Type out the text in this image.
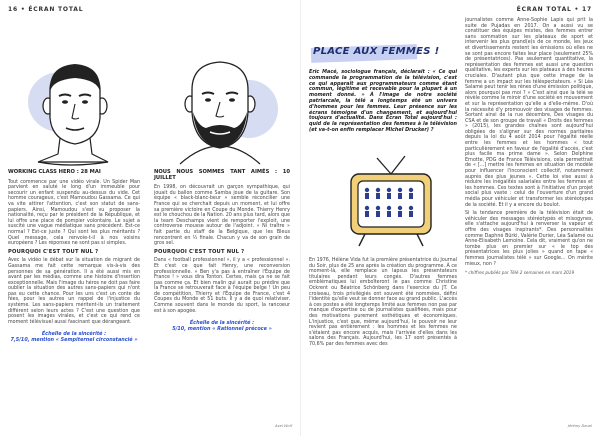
16 • ÉCRAN TOTAL
WORKING CLASS HERO : 28 MAI

Tout commence par une vidéo virale. Un Spider Man parvient en saluté le long d'un immeuble pour secourir un enfant suspendu au-dessus du vide. Cet homme courageux, c'est Mamoudou Gassama. Ce qui va vite attirer l'attention, c'est son statut de sans-papiers. Ainsi, Mamoudou s'est vu proposer la nationalité, reçu par le président de la République, et lui offre une place de pompier volontaire. Le sujet a suscité une vague médiatique sans précédent. Est-ce normal ? Est-ce juste ? Qui sont les plus méritants ? Quel message, cela renvoie-t-il à nos voisins européens ? Les réponses ne sont pas si simples.

POURQUOI C'EST TOUT NUL ?

Avec la vidéo le débat sur la situation de migrant de Gassama me fait cette remarque vis-à-vis des personnes de sa génération. Il a été aussi mis en avant par les médias, comme une histoire d'insertion exceptionnelle. Mais l'image du héros ne doit pas faire oublier la situation des autres sans-papiers qui n'ont pas eu cette chance. Pour les uns c'est un conte de fées, pour les autres un rappel de l'injustice du système. Les sans-papiers méritent-ils un traitement différent selon leurs actes ? C'est une question que posent les images virales, et c'est ce qui rend ce moment télévisuel aussi fascinant que dérangeant.

Échelle de la sincérité :
7,5/10, mention « Sempiternel circonstancié »
NOUS NOUS SOMMES TANT AIMÉS : 10 JUILLET

En 1998, on découvrait un garçon sympathique, qui jouait du ballon comme Samba joue de la guitare. Son équipe « black-blanc-beur » semble réconcilier une France qui se cherchait depuis un moment, et lui offre sa première victoire en Coupe du Monde. Thierry Henry est le chouchou de la Nation. 20 ans plus tard, alors que la team Deschamps vient de remporter l'exploit, une controverse mousse autour de l'adjoint. « Ni traître » fait partie du staff de la Belgique, que les Bleus rencontrent en ½ finale. Chacun y va de son grain de gros sel.

POURQUOI C'EST TOUT NUL ?

Dans « football professionnel », il y a « professionnel ». Et c'est ce que fait Henry, une reconversion professionnelle. « Ben y'a pas à entraîner l'Équipe de France ! » vous dira Tonton. Certes, mais ça ne se fait pas comme ça. Et bien malin qui aurait pu prédire que la France se retrouverait face à l'équipe belge ! Un peu de compétition, Thierry et l'Équipe de France, c'est 4 Coupes du Monde et 51 buts. Il y a de quoi relativiser. Comme souvent dans le monde du sport, la rancoeur est à son apogée.

Échelle de la sincérité :
5/10, mention « Rationnel précoce »
Axel Wolf
ÉCRAN TOTAL • 17
PLACE AUX FEMMES !
Eric Macé, sociologue français, déclarait : « Ce qui commande la programmation de la télévision, c'est ce qui apparaît aux programmateurs comme étant commun, légitime et recevable pour la plupart à un moment donné. » À l'image de notre société patriarcale, la télé a longtemps été un univers d'hommes pour les femmes. Leur présence sur les écrans témoigne d'un changement, et aujourd'hui toujours d'actualité. Dans Écran Total aujourd'hui : quid de la représentation des femmes à la télévision (et va-t-on enfin remplacer Michel Drucker) ?

En 1976, Hélène Vida fut la première présentatrice du Journal du Soir, plus de 25 ans après la création du programme. À ce moment-là, elle remplace un lapsus les présentateurs titulaires pendant leurs congés. D'autres femmes emblématiques lui emboîteront le pas comme Christine Ockrent ou Béatrice Schönberg dans l'exercice du JT. Ce croiseau, trois privilégiés ont souvent été nommées, défini l'identité qu'elle veut se donner face au grand public. L'accès à ces postes a été longtemps limité aux femmes non pas par manque d'expertise ou de journalistes qualifiées, mais pour des motivations purement esthétiques et économiques. L'injustice, c'est que, même aujourd'hui, le pouvoir ne leur revient pas entièrement : les hommes et les femmes ne s'étaient pas encore acquis, mais l'arrivée d'elles dans les salons des Français. Aujourd'hui, les 17 sont présentés à 70,6% par des femmes avec des

journalistes comme Anne-Sophie Lapix qui prit la suite de Pujadas en 2017. On a aussi vu se constituer des équipes mixtes, des femmes entrer sans sommation sur les plateaux de sport et intervenir les plus grand(e)s de ce monde, les jeux et divertissements restent les émissions où elles ne se sont pas encore faites leur place (seulement 25% de présentatrices). Pas seulement quantitative, la représentation des femmes est aussi une question qualitative, les experts sur les plateaux à des heures cruciales. D'autant plus que cette image de la femme a un impact sur les téléspectateurs. « Si Léa Salamé peut tenir les rênes d'une émission politique, alors pourquoi pas moi ? » C'est ainsi que la télé se révèle comme le miroir d'une société en mouvement et sur la représentation qu'elle a d'elle-même. D'où la nécessité d'y promouvoir des visages de femmes. Sortant ainsi de la rue décembre, Des visages du CSA et de son groupe de travail « Droits des femmes » (2015), les grandes chaînes sont aujourd'hui obligées de s'aligner sur des normes paritaires depuis la loi du 4 août 2014 pour l'égalité réelle entre les femmes et les hommes « tout particulièrement en faveur de l'égalité d'accès, c'est plus facile ma prime dame ». Selon Delphine Ernotte, PDG de France Télévisions, cela permettrait de « [...] mettre les femmes en situation de modèle pour influencer l'inconscient collectif, notamment auprès des plus jeunes ». Cette loi vise aussi à réduire les inégalités salariales entre les femmes et les hommes. Ces textes sont à l'initiative d'un projet social plus vaste : celui de l'ouverture d'un grand média pour véhiculer et transformer les stéréotypes de la société. Et il y a encore du boulot.

Si la tendance première de la télévision était de véhiculer des messages stéréotypés et misogynes, elle s'attache aujourd'hui à renverser la vapeur et offre des visages inspirants*. Des personnalités comme Daphné Bürki, Valérie Durier, Léa Salamé ou Anne-Elisabeth Lemoine. Cela dit, vraiment qu'on ne tombe plus en premier sur « le top des présentatrices les plus jolies » quand on tape « femmes journalistes télé » sur Google... On mérite mieux, non ?

* chiffres publiés par Télé 2 semaines en mars 2019
Jérémy Dauel
